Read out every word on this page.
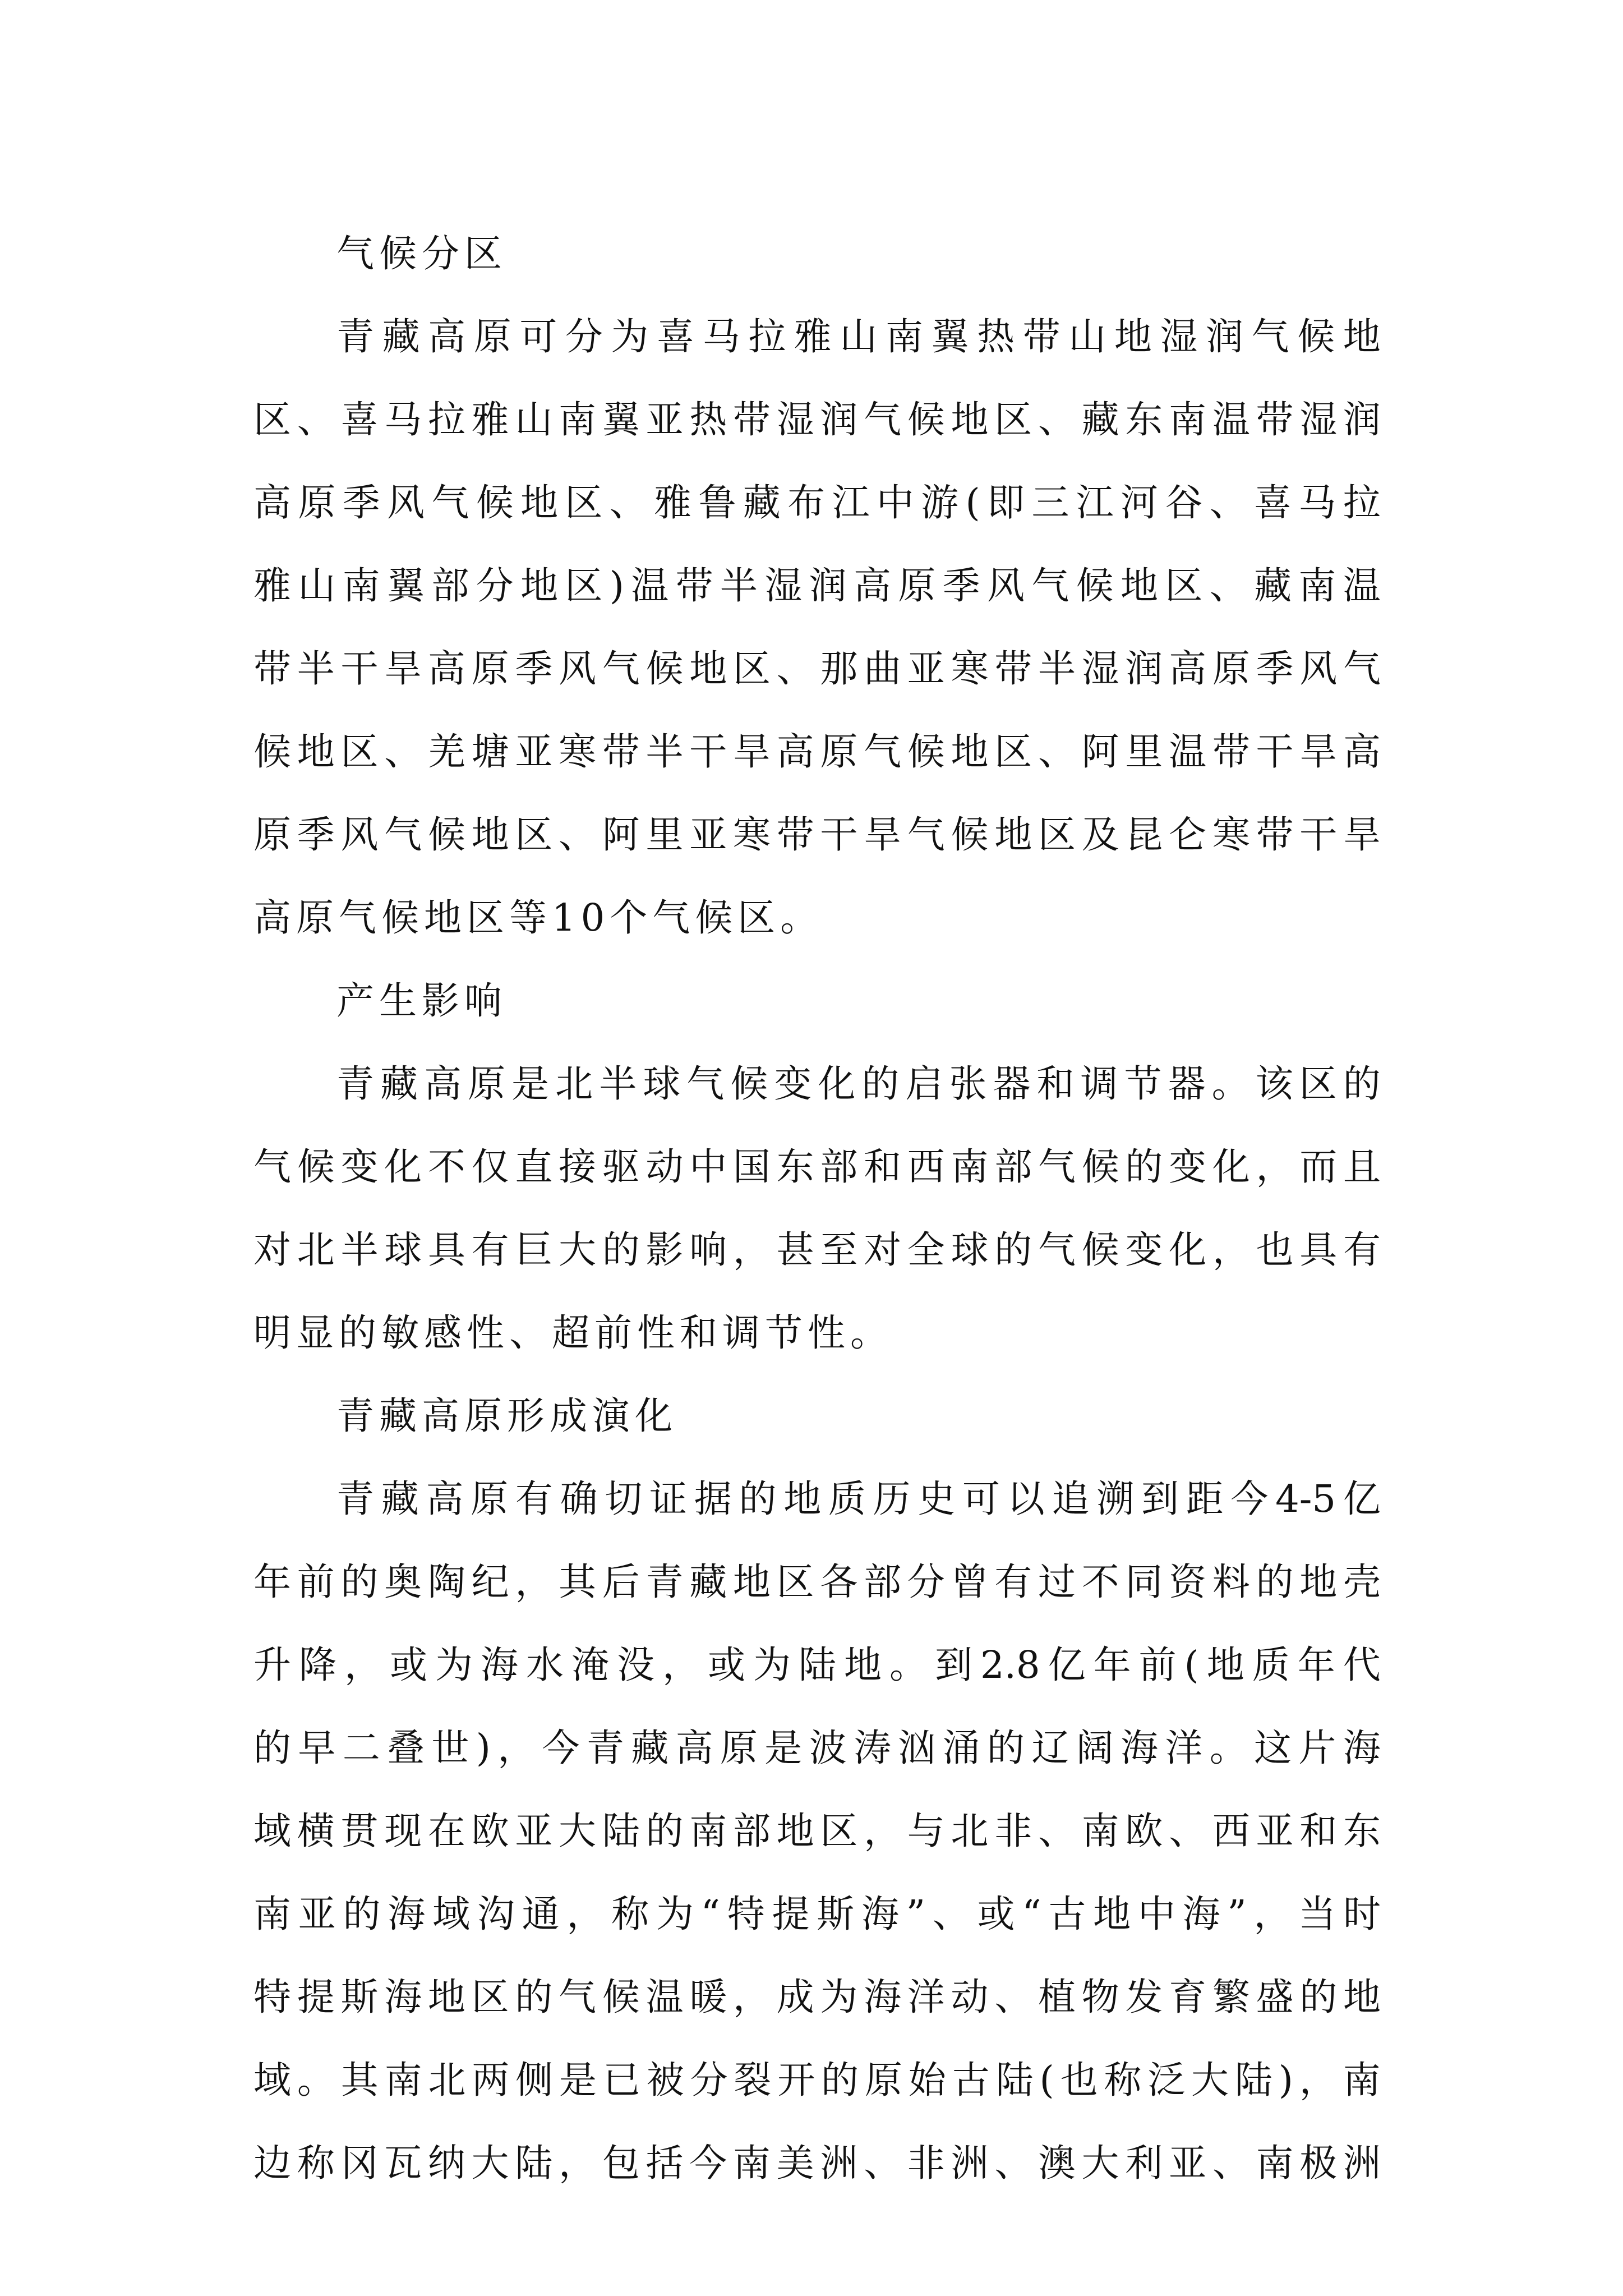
气 候 分 区
青 藏 高 原 可 分 为 喜 马 拉 雅 山 南 翼 热 带 山 地 湿 润 气 候 地
区 、 喜 马 拉 雅 山 南 翼 亚 热 带 湿 润 气 候 地 区 、 藏 东 南 温 带 湿 润
高 原 季 风 气 候 地 区 、 雅 鲁 藏 布 江 中 游 ( 即 三 江 河 谷 、 喜 马 拉
雅 山 南 翼 部 分 地 区 ) 温 带 半 湿 润 高 原 季 风 气 候 地 区 、 藏 南 温
带 半 干 旱 高 原 季 风 气 候 地 区 、 那 曲 亚 寒 带 半 湿 润 高 原 季 风 气
候 地 区 、 羌 塘 亚 寒 带 半 干 旱 高 原 气 候 地 区 、 阿 里 温 带 干 旱 高
原 季 风 气 候 地 区 、 阿 里 亚 寒 带 干 旱 气 候 地 区 及 昆 仑 寒 带 干 旱
高 原 气 候 地 区 等 10 个 气 候 区 。
产 生 影 响
青 藏 高 原 是 北 半 球 气 候 变 化 的 启 张 器 和 调 节 器 。 该 区 的
气 候 变 化 不 仅 直 接 驱 动 中 国 东 部 和 西 南 部 气 候 的 变 化 ， 而 且
对 北 半 球 具 有 巨 大 的 影 响 ， 甚 至 对 全 球 的 气 候 变 化 ， 也 具 有
明 显 的 敏 感 性 、 超 前 性 和 调 节 性 。
青 藏 高 原 形 成 演 化
青 藏 高 原 有 确 切 证 据 的 地 质 历 史 可 以 追 溯 到 距 今 4-5 亿
年 前 的 奥 陶 纪 ， 其 后 青 藏 地 区 各 部 分 曾 有 过 不 同 资 料 的 地 壳
升 降 ， 或 为 海 水 淹 没 ， 或 为 陆 地 。 到 2.8 亿 年 前 ( 地 质 年 代
的 早 二 叠 世 ) ， 今 青 藏 高 原 是 波 涛 汹 涌 的 辽 阔 海 洋 。 这 片 海
域 横 贯 现 在 欧 亚 大 陆 的 南 部 地 区 ， 与 北 非 、 南 欧 、 西 亚 和 东
南 亚 的 海 域 沟 通 ， 称 为 “ 特 提 斯 海 ” 、 或 “ 古 地 中 海 ” ， 当 时
特 提 斯 海 地 区 的 气 候 温 暖 ， 成 为 海 洋 动 、 植 物 发 育 繁 盛 的 地
域 。 其 南 北 两 侧 是 已 被 分 裂 开 的 原 始 古 陆 ( 也 称 泛 大 陆 ) ， 南
边 称 冈 瓦 纳 大 陆 ， 包 括 今 南 美 洲 、 非 洲 、 澳 大 利 亚 、 南 极 洲
